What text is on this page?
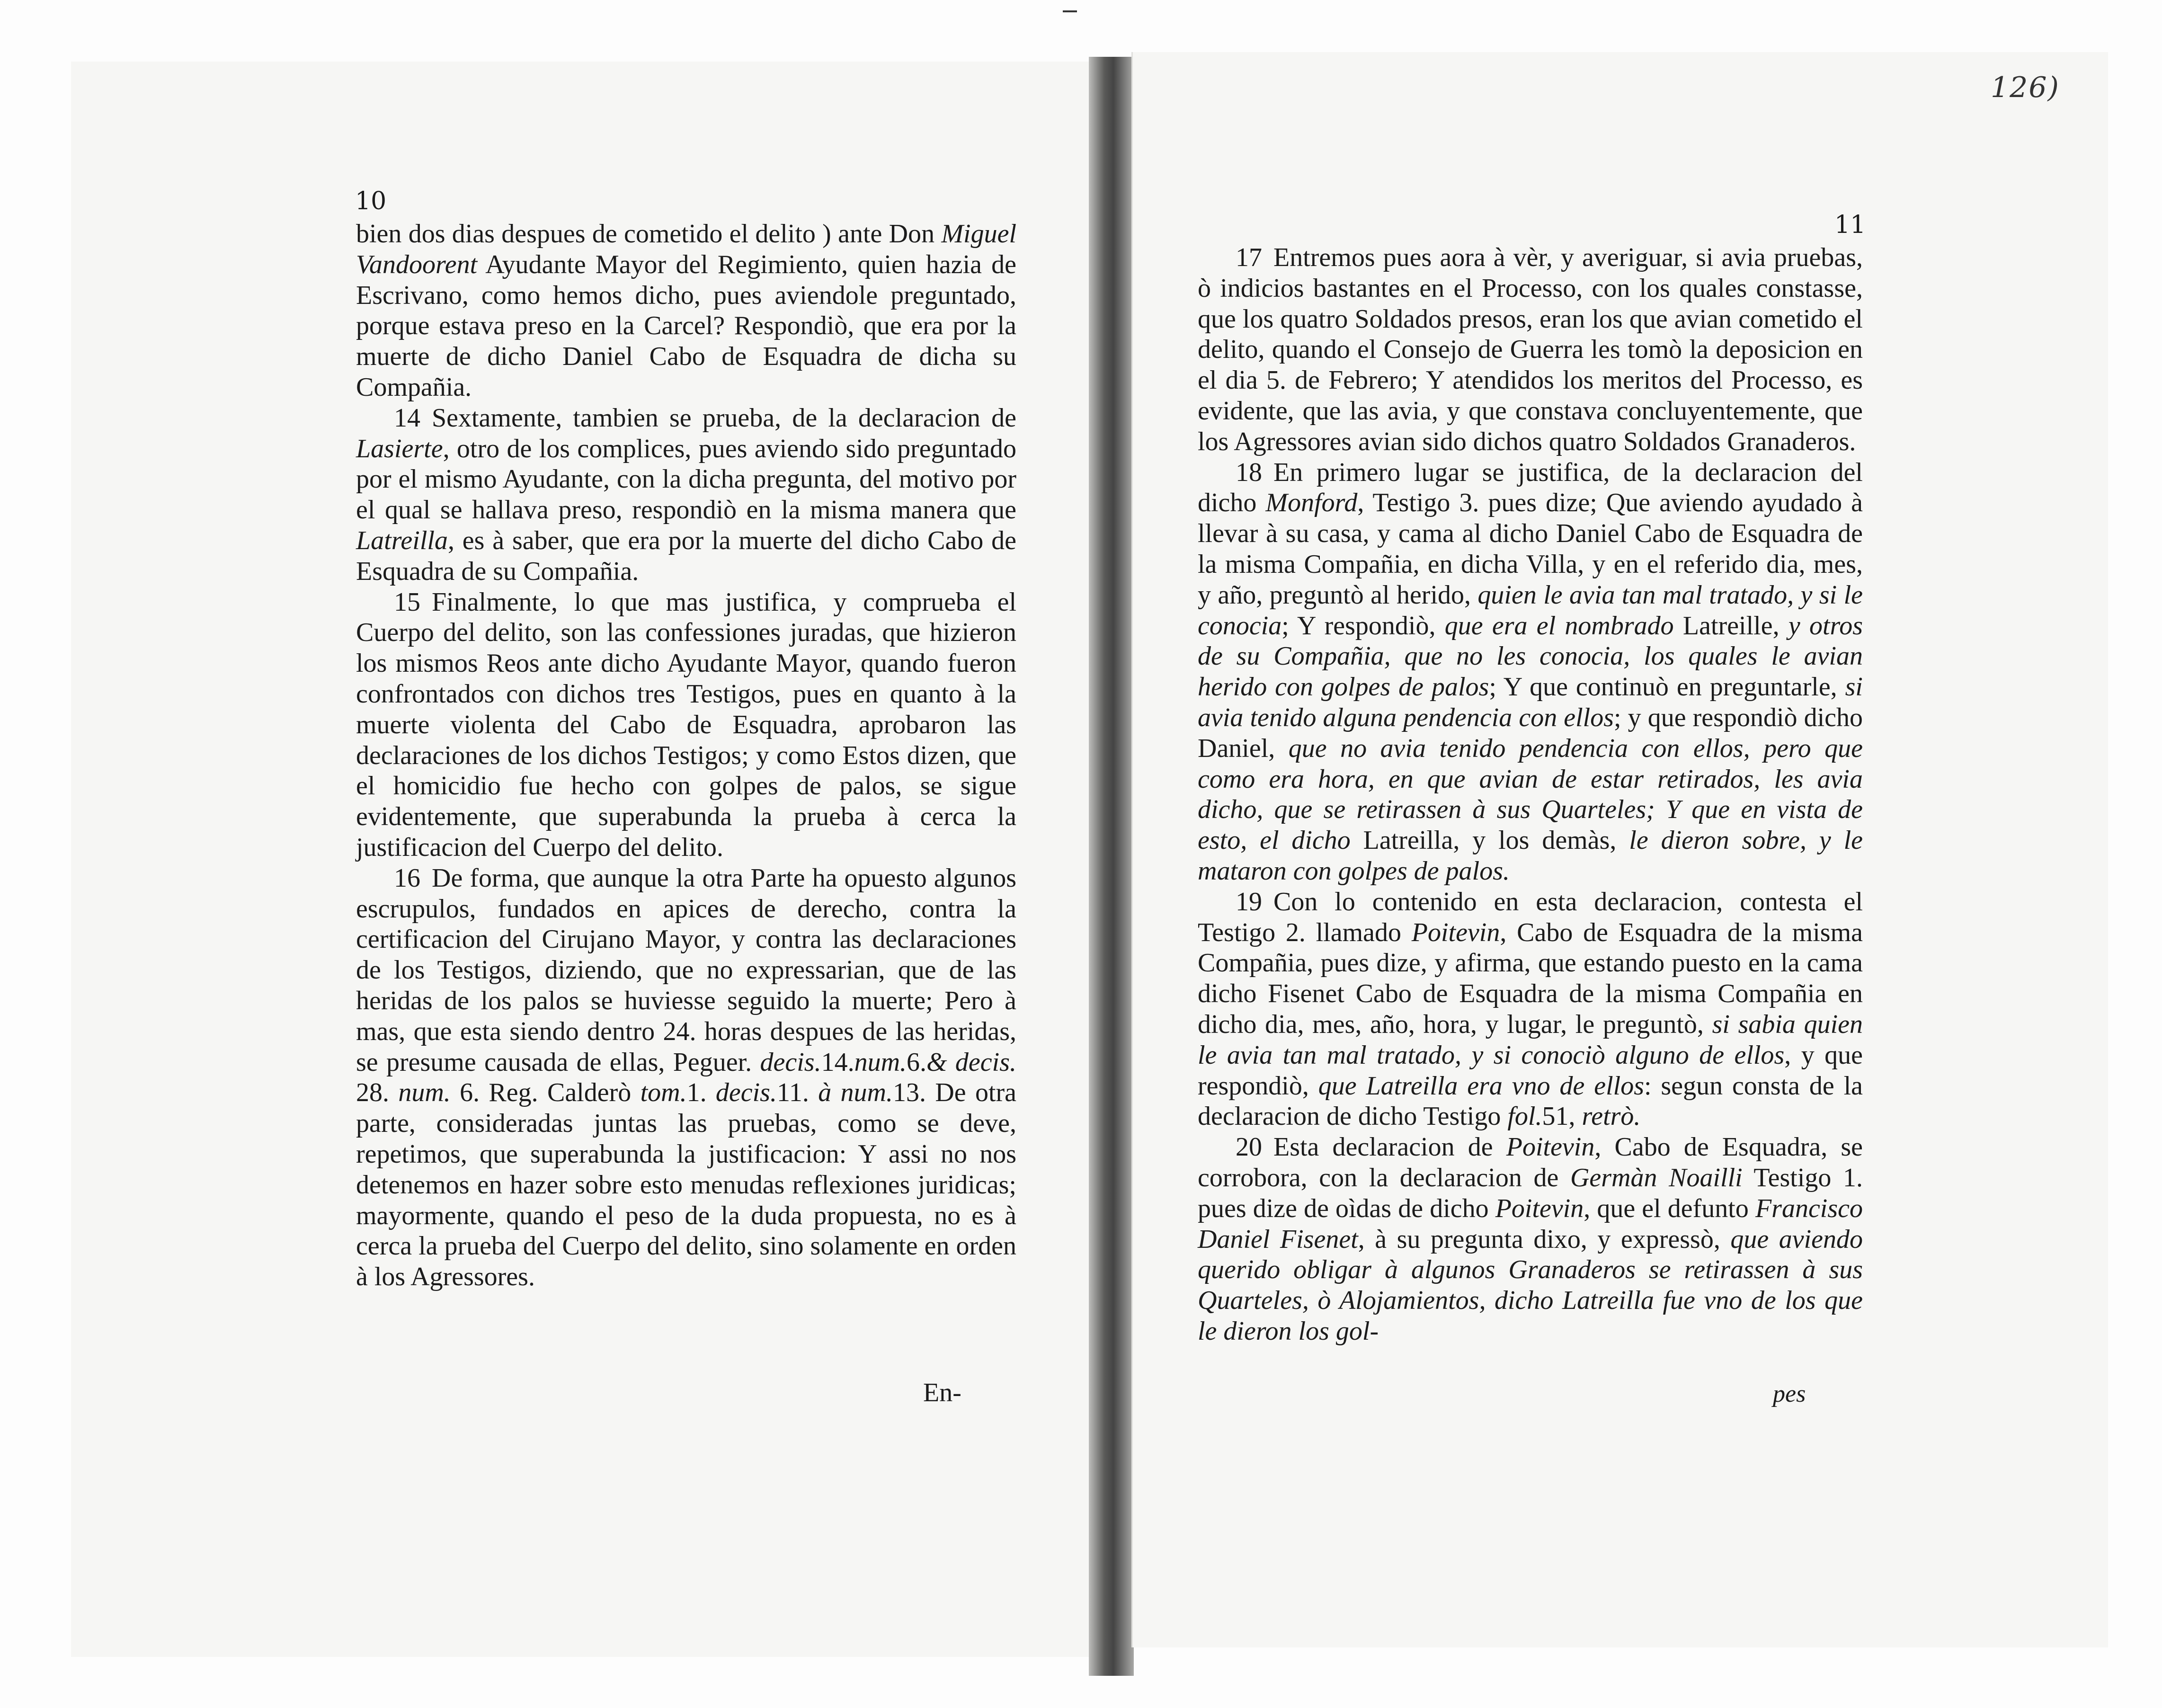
126)
10
11

bien dos dias despues de cometido el delito ) ante Don Miguel Vandoorent Ayudante Mayor del Regimiento, quien hazia de Escrivano, como hemos dicho, pues aviendole preguntado, porque estava preso en la Carcel? Respondiò, que era por la muerte de dicho Daniel Cabo de Esquadra de dicha su Compañia.

14 Sextamente, tambien se prueba, de la declaracion de Lasierte, otro de los complices, pues aviendo sido preguntado por el mismo Ayudante, con la dicha pregunta, del motivo por el qual se hallava preso, respondiò en la misma manera que Latreilla, es à saber, que era por la muerte del dicho Cabo de Esquadra de su Compañia.

15 Finalmente, lo que mas justifica, y comprueba el Cuerpo del delito, son las confessiones juradas, que hizieron los mismos Reos ante dicho Ayudante Mayor, quando fueron confrontados con dichos tres Testigos, pues en quanto à la muerte violenta del Cabo de Esquadra, aprobaron las declaraciones de los dichos Testigos; y como Estos dizen, que el homicidio fue hecho con golpes de palos, se sigue evidentemente, que superabunda la prueba à cerca la justificacion del Cuerpo del delito.

16 De forma, que aunque la otra Parte ha opuesto algunos escrupulos, fundados en apices de derecho, contra la certificacion del Cirujano Mayor, y contra las declaraciones de los Testigos, diziendo, que no expressarian, que de las heridas de los palos se huviesse seguido la muerte; Pero à mas, que esta siendo dentro 24. horas despues de las heridas, se presume causada de ellas, Peguer. decis.14.num.6.& decis. 28. num. 6. Reg. Calderò tom.1. decis.11. à num.13. De otra parte, consideradas juntas las pruebas, como se deve, repetimos, que superabunda la justificacion: Y assi no nos detenemos en hazer sobre esto menudas reflexiones juridicas; mayormente, quando el peso de la duda propuesta, no es à cerca la prueba del Cuerpo del delito, sino solamente en orden à los Agressores.

17 Entremos pues aora à vèr, y averiguar, si avia pruebas, ò indicios bastantes en el Processo, con los quales constasse, que los quatro Soldados presos, eran los que avian cometido el delito, quando el Consejo de Guerra les tomò la deposicion en el dia 5. de Febrero; Y atendidos los meritos del Processo, es evidente, que las avia, y que constava concluyentemente, que los Agressores avian sido dichos quatro Soldados Granaderos.

18 En primero lugar se justifica, de la declaracion del dicho Monford, Testigo 3. pues dize; Que aviendo ayudado à llevar à su casa, y cama al dicho Daniel Cabo de Esquadra de la misma Compañia, en dicha Villa, y en el referido dia, mes, y año, preguntò al herido, quien le avia tan mal tratado, y si le conocia; Y respondiò, que era el nombrado Latreille, y otros de su Compañia, que no les conocia, los quales le avian herido con golpes de palos; Y que continuò en preguntarle, si avia tenido alguna pendencia con ellos; y que respondiò dicho Daniel, que no avia tenido pendencia con ellos, pero que como era hora, en que avian de estar retirados, les avia dicho, que se retirassen à sus Quarteles; Y que en vista de esto, el dicho Latreilla, y los demàs, le dieron sobre, y le mataron con golpes de palos.

19 Con lo contenido en esta declaracion, contesta el Testigo 2. llamado Poitevin, Cabo de Esquadra de la misma Compañia, pues dize, y afirma, que estando puesto en la cama dicho Fisenet Cabo de Esquadra de la misma Compañia en dicho dia, mes, año, hora, y lugar, le preguntò, si sabia quien le avia tan mal tratado, y si conociò alguno de ellos, y que respondiò, que Latreilla era vno de ellos: segun consta de la declaracion de dicho Testigo fol.51, retrò.

20 Esta declaracion de Poitevin, Cabo de Esquadra, se corrobora, con la declaracion de Germàn Noailli Testigo 1. pues dize de oìdas de dicho Poitevin, que el defunto Francisco Daniel Fisenet, à su pregunta dixo, y expressò, que aviendo querido obligar à algunos Granaderos se retirassen à sus Quarteles, ò Alojamientos, dicho Latreilla fue vno de los que le dieron los gol-

En-	pes
